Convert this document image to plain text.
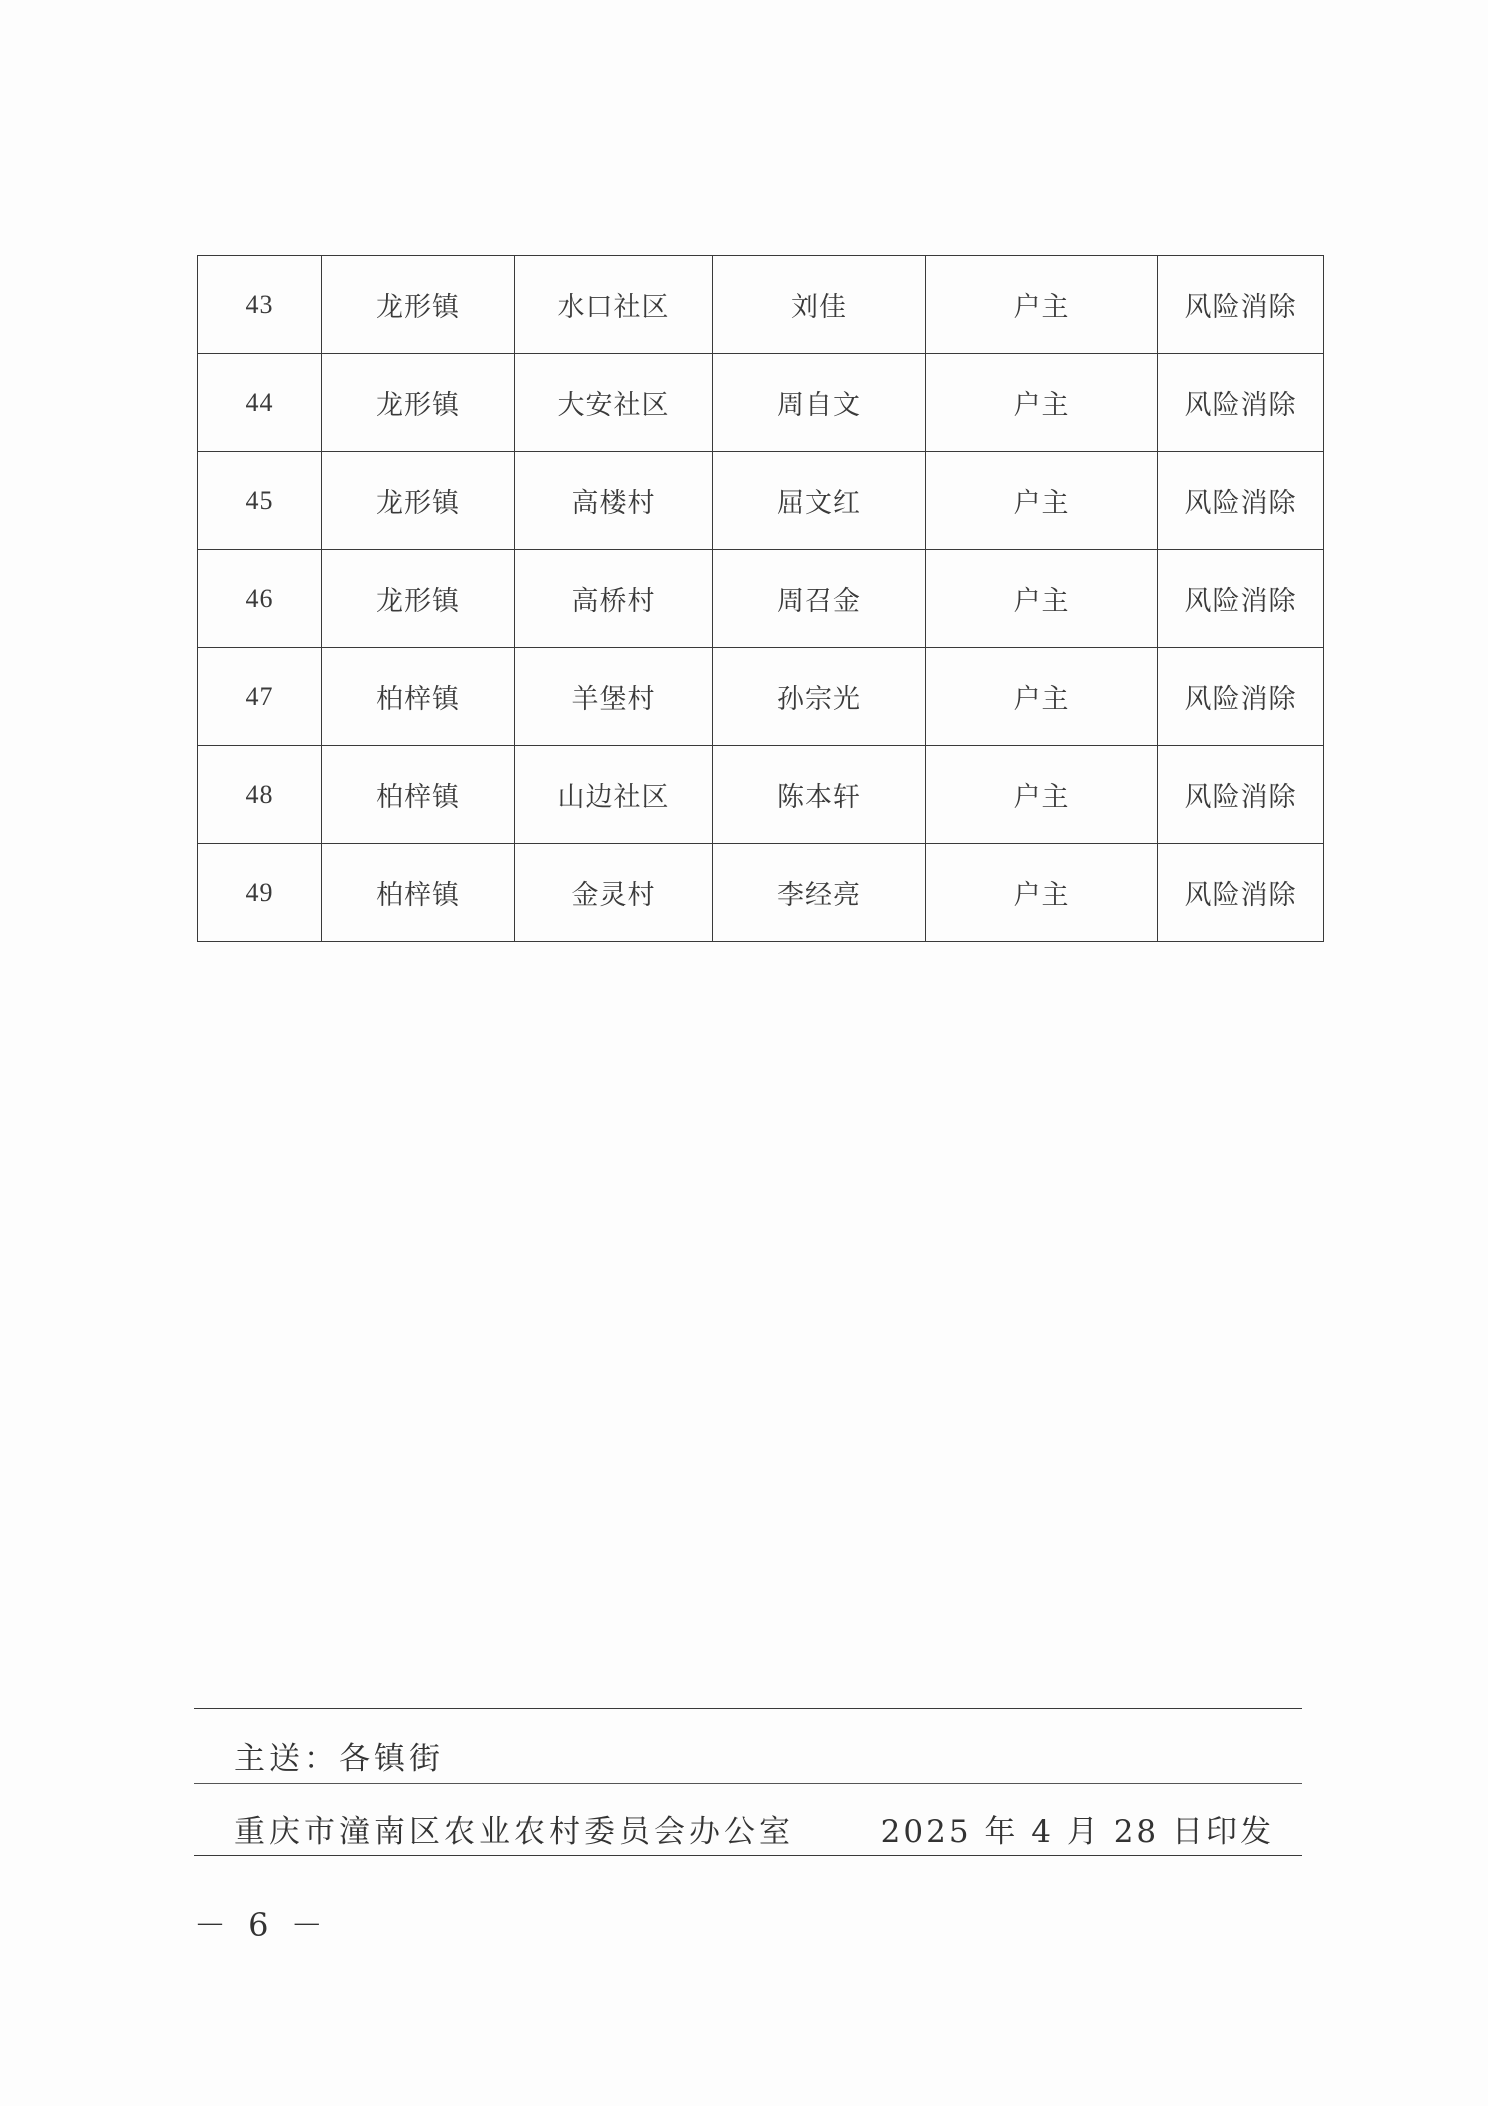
43	龙形镇	水口社区	刘佳	户主	风险消除
44	龙形镇	大安社区	周自文	户主	风险消除
45	龙形镇	高楼村	屈文红	户主	风险消除
46	龙形镇	高桥村	周召金	户主	风险消除
47	柏梓镇	羊堡村	孙宗光	户主	风险消除
48	柏梓镇	山边社区	陈本轩	户主	风险消除
49	柏梓镇	金灵村	李经亮	户主	风险消除
主送：各镇街
重庆市潼南区农业农村委员会办公室	2025 年 4 月 28 日印发
－ 6 －
